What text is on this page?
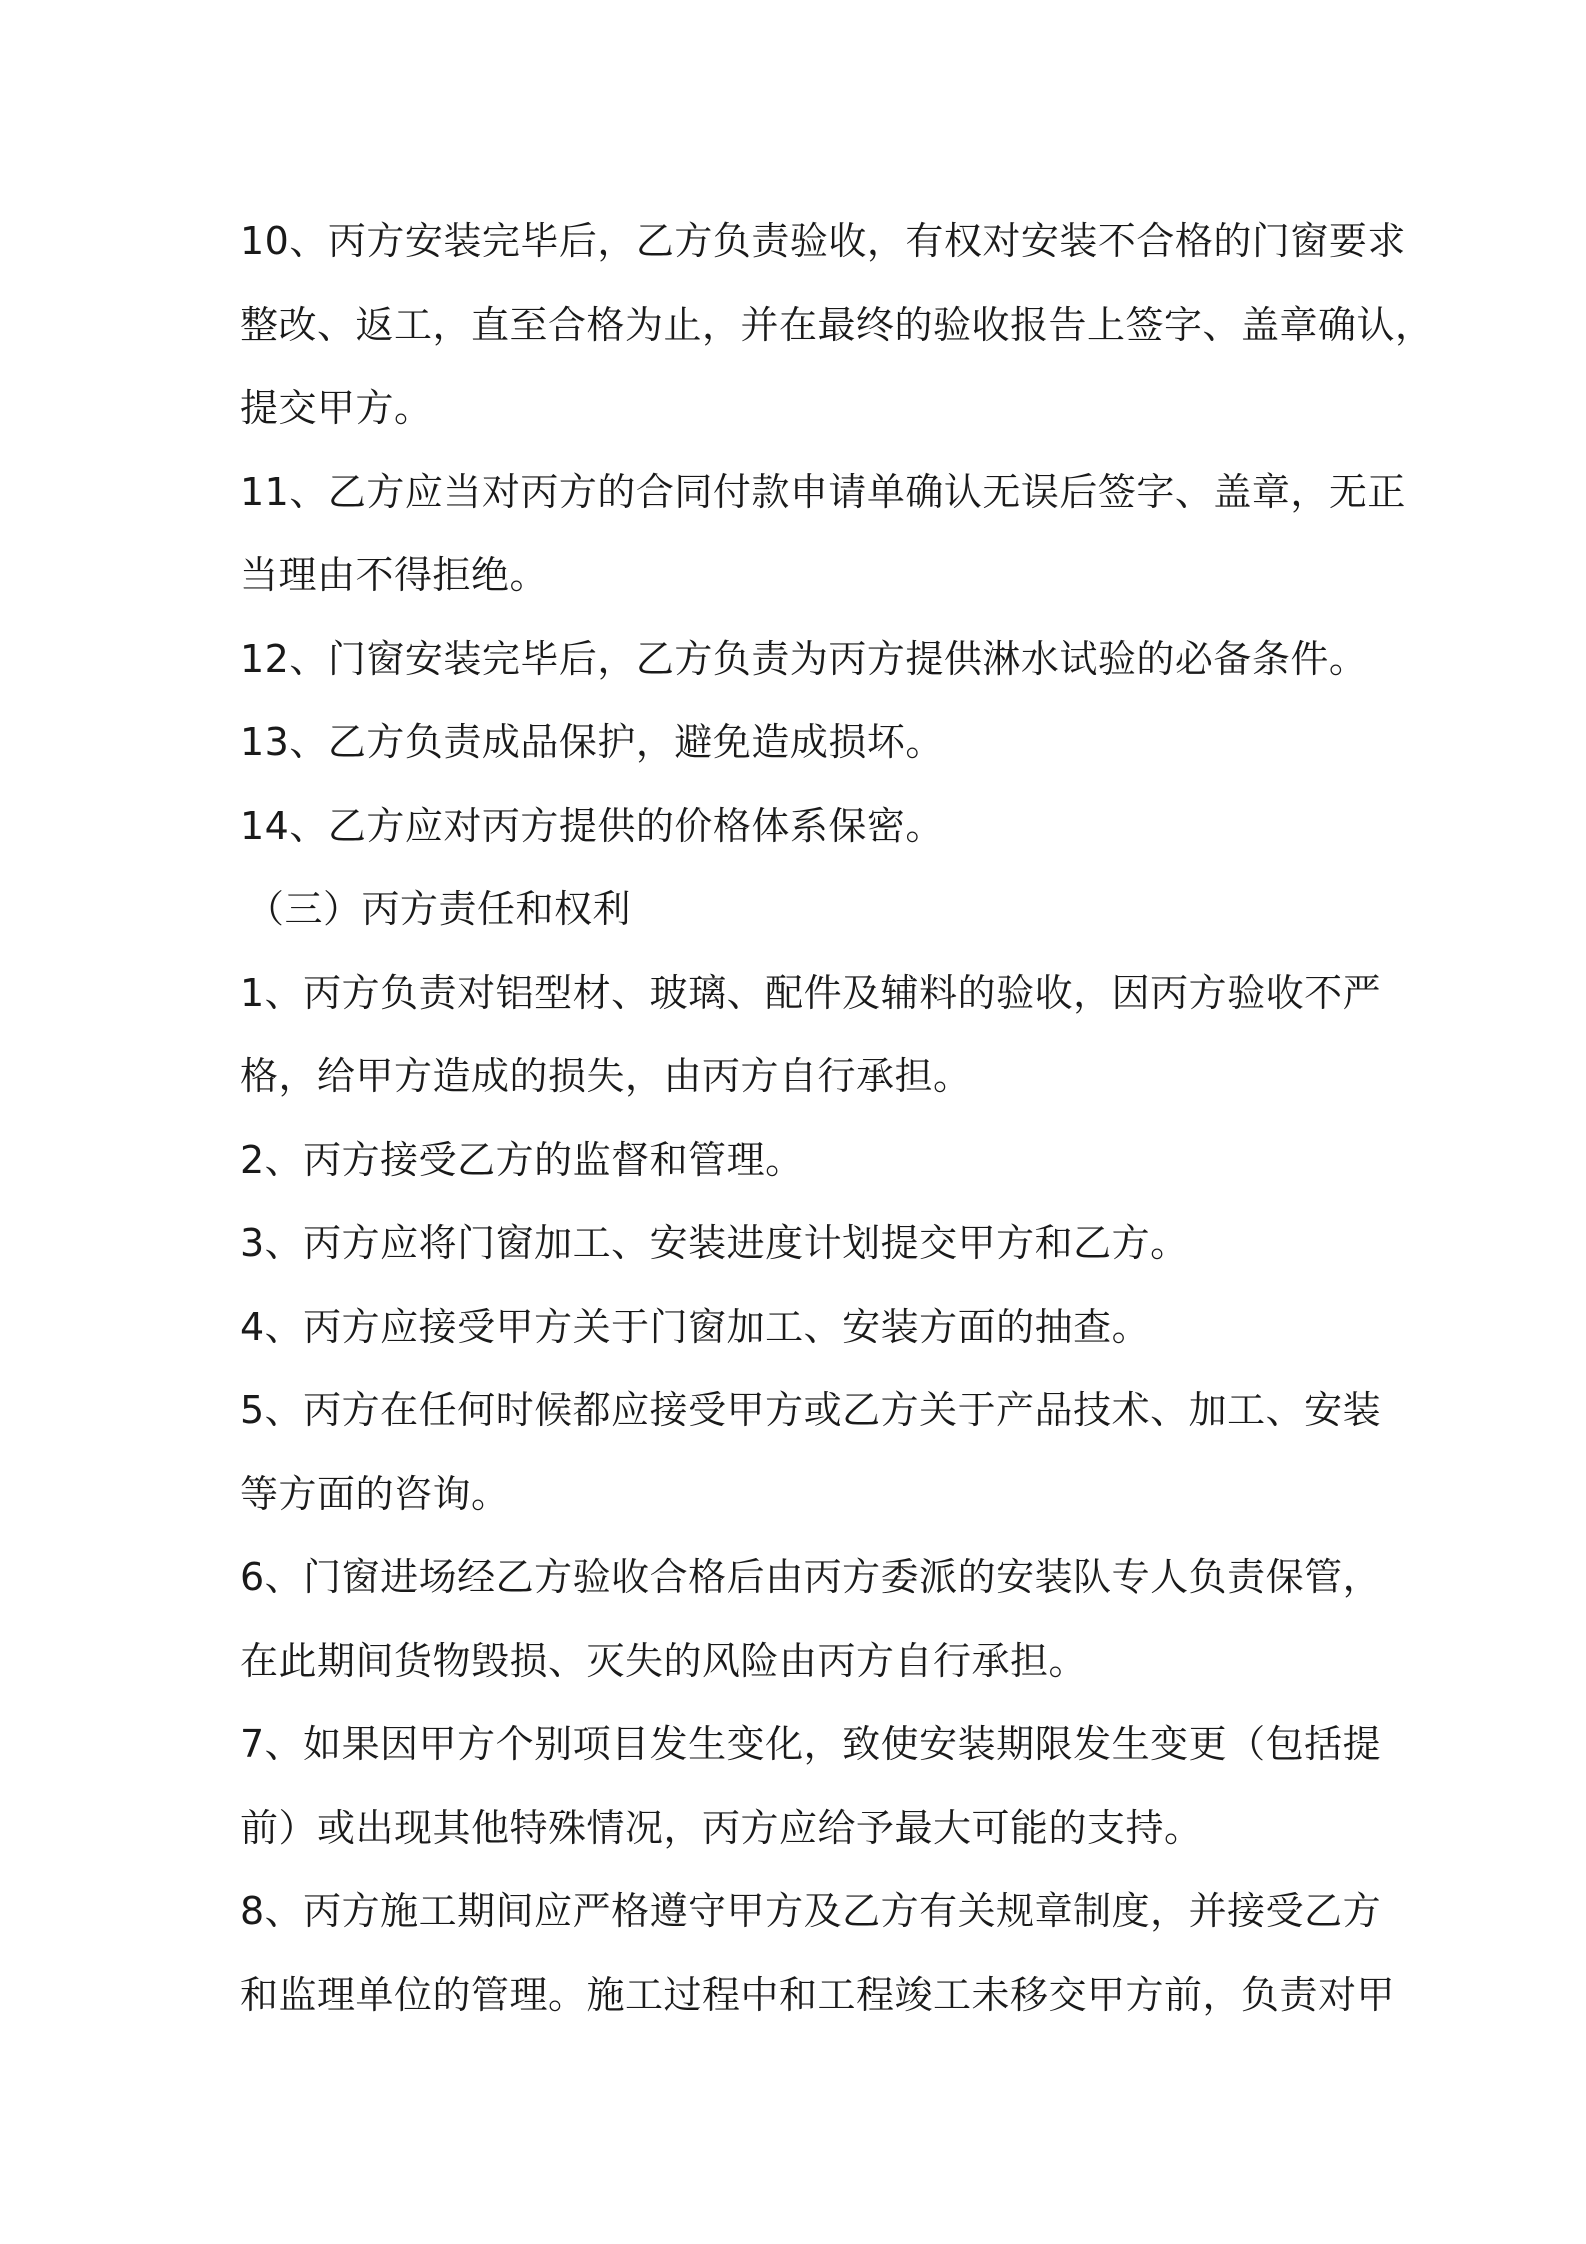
10、丙方安装完毕后，乙方负责验收，有权对安装不合格的门窗要求
整改、返工，直至合格为止，并在最终的验收报告上签字、盖章确认，
提交甲方。
11、乙方应当对丙方的合同付款申请单确认无误后签字、盖章，无正
当理由不得拒绝。
12、门窗安装完毕后，乙方负责为丙方提供淋水试验的必备条件。
13、乙方负责成品保护，避免造成损坏。
14、乙方应对丙方提供的价格体系保密。
（三）丙方责任和权利
1、丙方负责对铝型材、玻璃、配件及辅料的验收，因丙方验收不严
格，给甲方造成的损失，由丙方自行承担。
2、丙方接受乙方的监督和管理。
3、丙方应将门窗加工、安装进度计划提交甲方和乙方。
4、丙方应接受甲方关于门窗加工、安装方面的抽查。
5、丙方在任何时候都应接受甲方或乙方关于产品技术、加工、安装
等方面的咨询。
6、门窗进场经乙方验收合格后由丙方委派的安装队专人负责保管，
在此期间货物毁损、灭失的风险由丙方自行承担。
7、如果因甲方个别项目发生变化，致使安装期限发生变更（包括提
前）或出现其他特殊情况，丙方应给予最大可能的支持。
8、丙方施工期间应严格遵守甲方及乙方有关规章制度，并接受乙方
和监理单位的管理。施工过程中和工程竣工未移交甲方前，负责对甲
